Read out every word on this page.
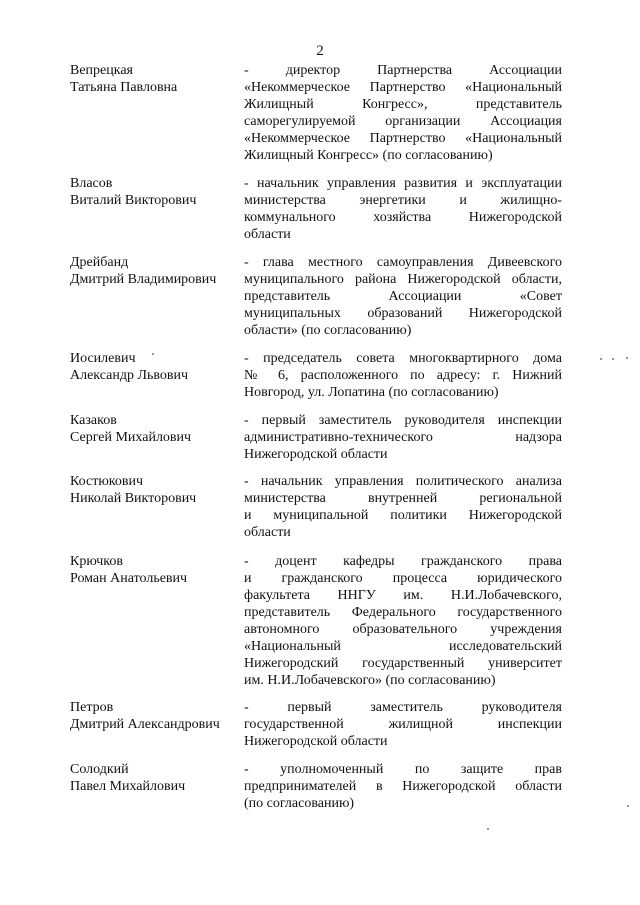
2
Вепрецкая
Татьяна Павловна
- директор Партнерства Ассоциации
«Некоммерческое Партнерство «Национальный
Жилищный Конгресс», представитель
саморегулируемой организации Ассоциация
«Некоммерческое Партнерство «Национальный
Жилищный Конгресс» (по согласованию)
Власов
Виталий Викторович
- начальник управления развития и эксплуатации
министерства энергетики и жилищно-
коммунального хозяйства Нижегородской
области
Дрейбанд
Дмитрий Владимирович
- глава местного самоуправления Дивеевского
муниципального района Нижегородской области,
представитель Ассоциации «Совет
муниципальных образований Нижегородской
области» (по согласованию)
Иосилевич
Александр Львович
- председатель совета многоквартирного дома
№ 6, расположенного по адресу: г. Нижний
Новгород, ул. Лопатина (по согласованию)
Казаков
Сергей Михайлович
- первый заместитель руководителя инспекции
административно-технического надзора
Нижегородской области
Костюкович
Николай Викторович
- начальник управления политического анализа
министерства внутренней региональной
и муниципальной политики Нижегородской
области
Крючков
Роман Анатольевич
- доцент кафедры гражданского права
и гражданского процесса юридического
факультета ННГУ им. Н.И.Лобачевского,
представитель Федерального государственного
автономного образовательного учреждения
«Национальный исследовательский
Нижегородский государственный университет
им. Н.И.Лобачевского» (по согласованию)
Петров
Дмитрий Александрович
- первый заместитель руководителя
государственной жилищной инспекции
Нижегородской области
Солодкий
Павел Михайлович
- уполномоченный по защите прав
предпринимателей в Нижегородской области
(по согласованию)
